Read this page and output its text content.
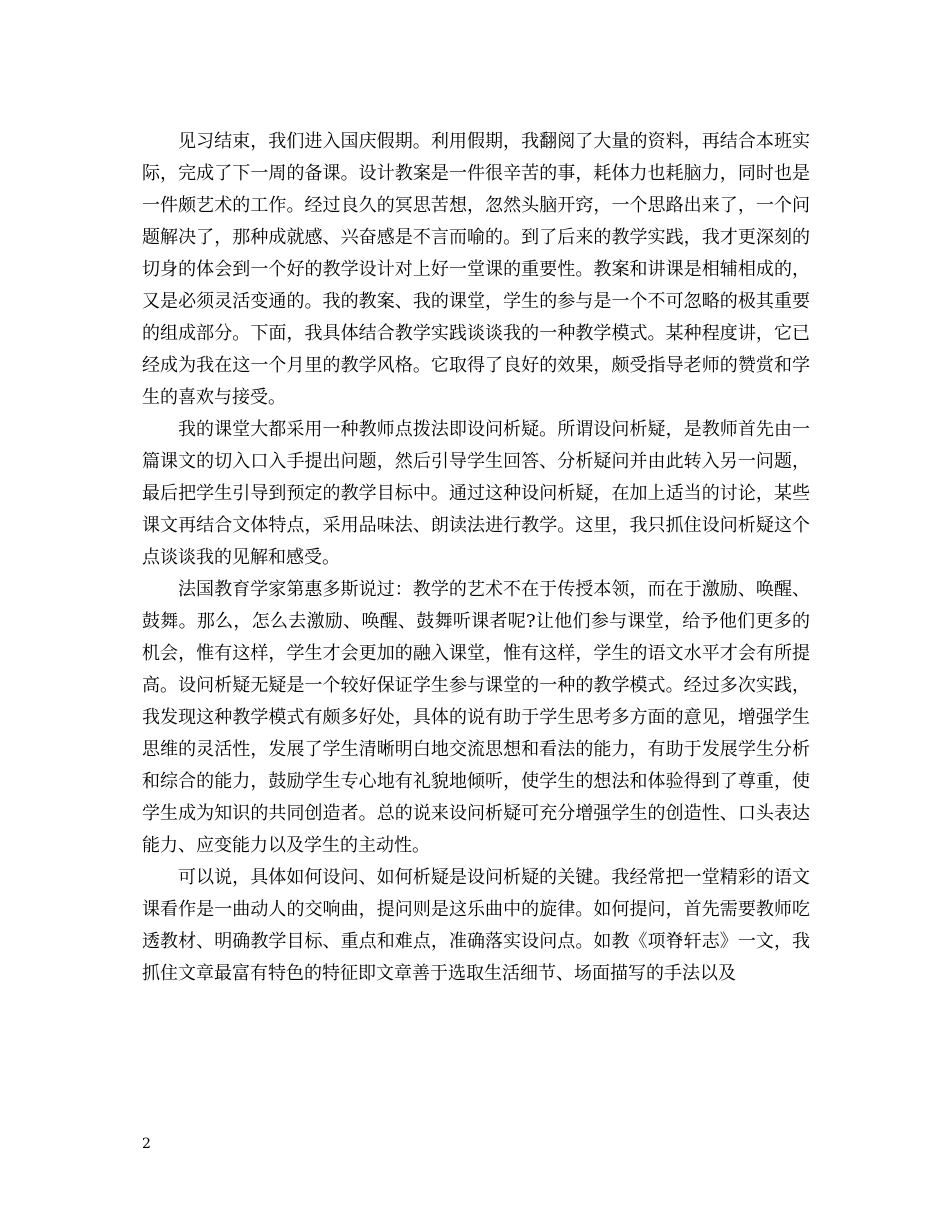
见习结束，我们进入国庆假期。利用假期，我翻阅了大量的资料，再结合本班实际，完成了下一周的备课。设计教案是一件很辛苦的事，耗体力也耗脑力，同时也是一件颇艺术的工作。经过良久的冥思苦想，忽然头脑开窍，一个思路出来了，一个问题解决了，那种成就感、兴奋感是不言而喻的。到了后来的教学实践，我才更深刻的切身的体会到一个好的教学设计对上好一堂课的重要性。教案和讲课是相辅相成的，又是必须灵活变通的。我的教案、我的课堂，学生的参与是一个不可忽略的极其重要的组成部分。下面，我具体结合教学实践谈谈我的一种教学模式。某种程度讲，它已经成为我在这一个月里的教学风格。它取得了良好的效果，颇受指导老师的赞赏和学生的喜欢与接受。

我的课堂大都采用一种教师点拨法即设问析疑。所谓设问析疑，是教师首先由一篇课文的切入口入手提出问题，然后引导学生回答、分析疑问并由此转入另一问题，最后把学生引导到预定的教学目标中。通过这种设问析疑，在加上适当的讨论，某些课文再结合文体特点，采用品味法、朗读法进行教学。这里，我只抓住设问析疑这个点谈谈我的见解和感受。

法国教育学家第惠多斯说过：教学的艺术不在于传授本领，而在于激励、唤醒、鼓舞。那么，怎么去激励、唤醒、鼓舞听课者呢?让他们参与课堂，给予他们更多的机会，惟有这样，学生才会更加的融入课堂，惟有这样，学生的语文水平才会有所提高。设问析疑无疑是一个较好保证学生参与课堂的一种的教学模式。经过多次实践，我发现这种教学模式有颇多好处，具体的说有助于学生思考多方面的意见，增强学生思维的灵活性，发展了学生清晰明白地交流思想和看法的能力，有助于发展学生分析和综合的能力，鼓励学生专心地有礼貌地倾听，使学生的想法和体验得到了尊重，使学生成为知识的共同创造者。总的说来设问析疑可充分增强学生的创造性、口头表达能力、应变能力以及学生的主动性。

可以说，具体如何设问、如何析疑是设问析疑的关键。我经常把一堂精彩的语文课看作是一曲动人的交响曲，提问则是这乐曲中的旋律。如何提问，首先需要教师吃透教材、明确教学目标、重点和难点，准确落实设问点。如教《项脊轩志》一文，我抓住文章最富有特色的特征即文章善于选取生活细节、场面描写的手法以及

2
